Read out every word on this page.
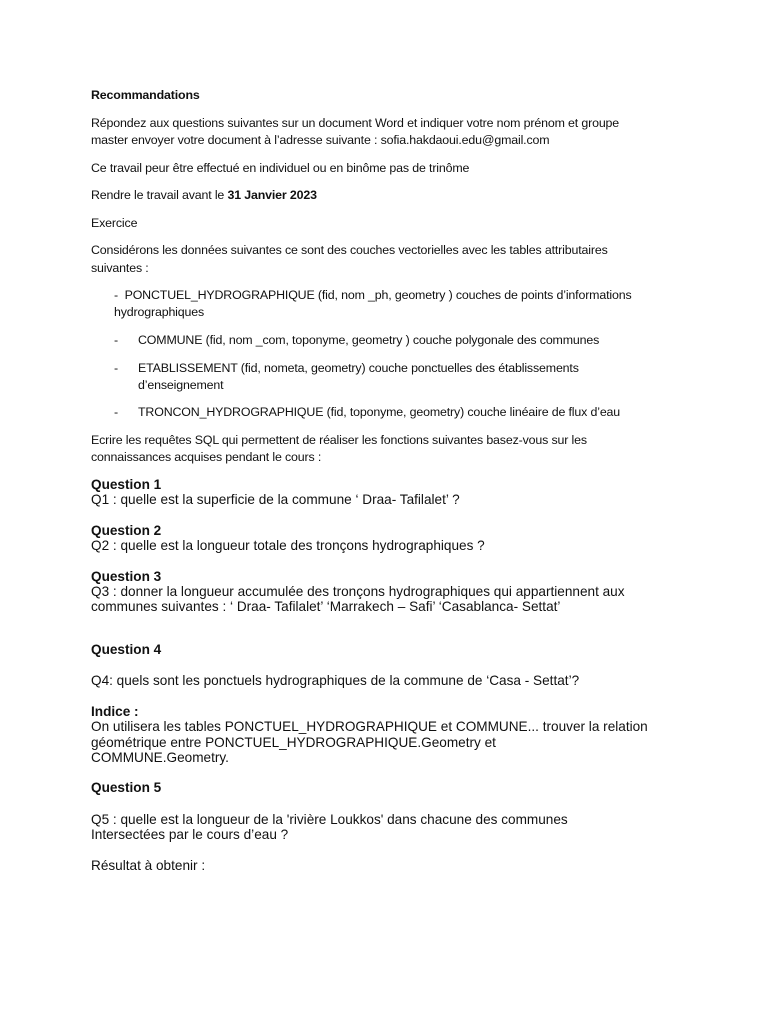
Recommandations

Répondez aux questions suivantes sur un document Word et indiquer votre nom prénom et groupe

master envoyer votre document à l’adresse suivante : sofia.hakdaoui.edu@gmail.com

Ce travail peur être effectué en individuel ou en binôme pas de trinôme

Rendre le travail avant le 31 Janvier 2023

Exercice

Considérons les données suivantes ce sont des couches vectorielles avec les tables attributaires

suivantes :

- PONCTUEL_HYDROGRAPHIQUE (fid, nom _ph, geometry ) couches de points d’informations

hydrographiques

- COMMUNE (fid, nom _com, toponyme, geometry ) couche polygonale des communes

- ETABLISSEMENT (fid, nometa, geometry) couche ponctuelles des établissements

d’enseignement

- TRONCON_HYDROGRAPHIQUE (fid, toponyme, geometry) couche linéaire de flux d’eau

Ecrire les requêtes SQL qui permettent de réaliser les fonctions suivantes basez-vous sur les

connaissances acquises pendant le cours :

Question 1

Q1 : quelle est la superficie de la commune ‘ Draa- Tafilalet’ ?

Question 2

Q2 : quelle est la longueur totale des tronçons hydrographiques ?

Question 3

Q3 : donner la longueur accumulée des tronçons hydrographiques qui appartiennent aux

communes suivantes : ‘ Draa- Tafilalet’ ‘Marrakech – Safi’ ‘Casablanca- Settat’

Question 4

Q4: quels sont les ponctuels hydrographiques de la commune de ‘Casa - Settat’?

Indice :

On utilisera les tables PONCTUEL_HYDROGRAPHIQUE et COMMUNE... trouver la relation

géométrique entre PONCTUEL_HYDROGRAPHIQUE.Geometry et

COMMUNE.Geometry.

Question 5

Q5 : quelle est la longueur de la 'rivière Loukkos' dans chacune des communes

Intersectées par le cours d’eau ?

Résultat à obtenir :
